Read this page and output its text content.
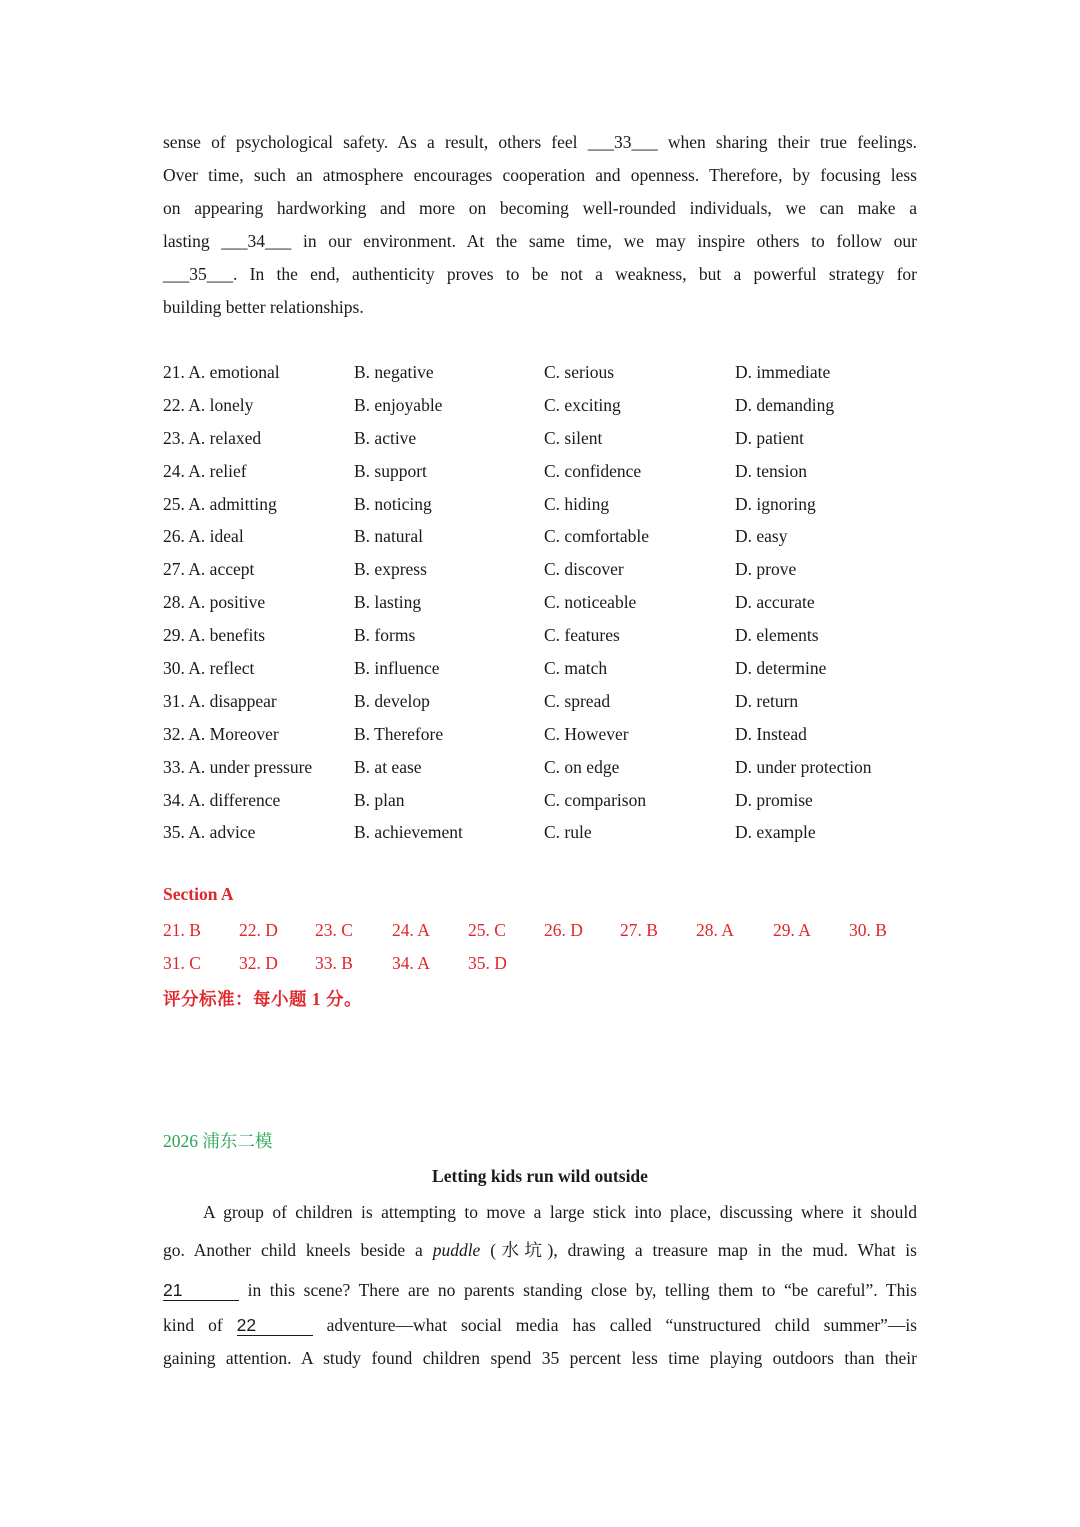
sense of psychological safety. As a result, others feel ___33___ when sharing their true feelings.
Over time, such an atmosphere encourages cooperation and openness. Therefore, by focusing less
on appearing hardworking and more on becoming well-rounded individuals, we can make a
lasting ___34___ in our environment. At the same time, we may inspire others to follow our
___35___. In the end, authenticity proves to be not a weakness, but a powerful strategy for
building better relationships.
21. A. emotional	B. negative	C. serious	D. immediate
22. A. lonely	B. enjoyable	C. exciting	D. demanding
23. A. relaxed	B. active	C. silent	D. patient
24. A. relief	B. support	C. confidence	D. tension
25. A. admitting	B. noticing	C. hiding	D. ignoring
26. A. ideal	B. natural	C. comfortable	D. easy
27. A. accept	B. express	C. discover	D. prove
28. A. positive	B. lasting	C. noticeable	D. accurate
29. A. benefits	B. forms	C. features	D. elements
30. A. reflect	B. influence	C. match	D. determine
31. A. disappear	B. develop	C. spread	D. return
32. A. Moreover	B. Therefore	C. However	D. Instead
33. A. under pressure B. at ease	C. on edge	D. under protection
34. A. difference	B. plan	C. comparison	D. promise
35. A. advice	B. achievement	C. rule	D. example
Section A
21. B 22. D 23. C 24. A 25. C 26. D 27. B 28. A 29. A 30. B
31. C 32. D 33. B 34. A 35. D
评分标准：每小题 1 分。
2026 浦东二模
Letting kids run wild outside
A group of children is attempting to move a large stick into place, discussing where it should
go. Another child kneels beside a puddle (水坑), drawing a treasure map in the mud. What is
21	in this scene? There are no parents standing close by, telling them to “be careful”. This
kind of 22	adventure—what social media has called “unstructured child summer”—is
gaining attention. A study found children spend 35 percent less time playing outdoors than their
